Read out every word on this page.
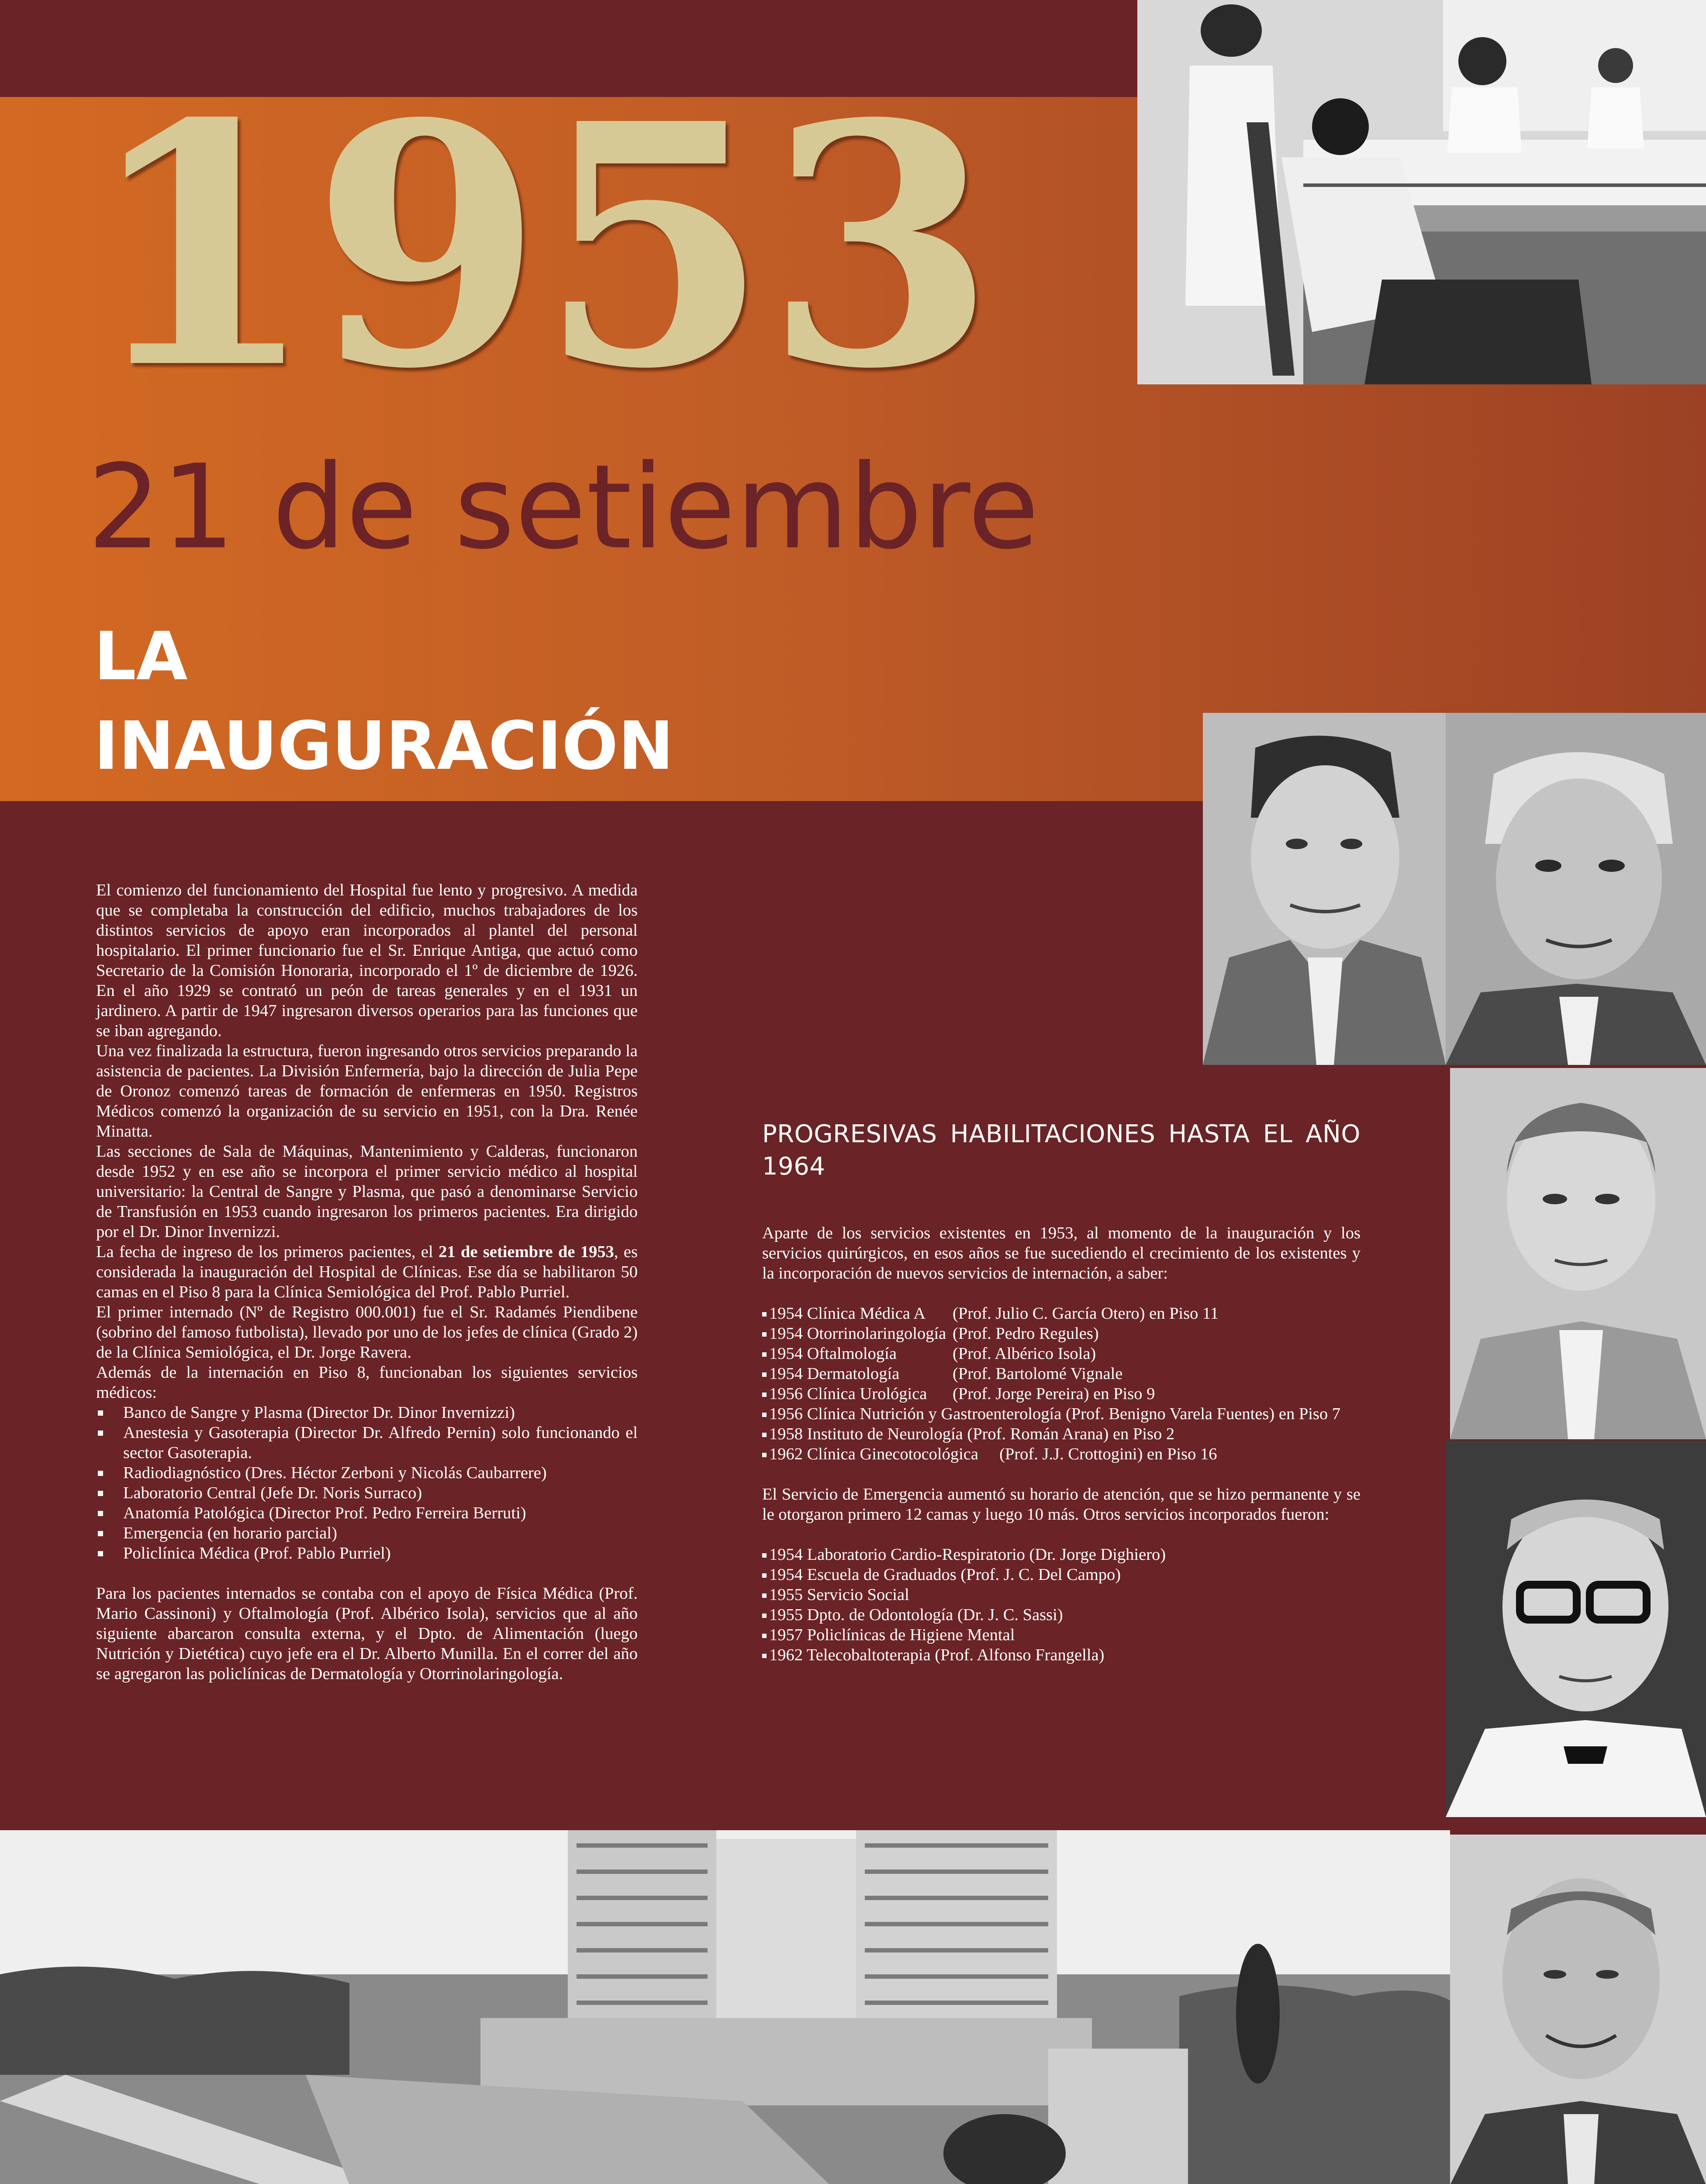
1953
21 de setiembre
LA
INAUGURACIÓN

El comienzo del funcionamiento del Hospital fue lento y progresivo. A medida que se completaba la construcción del edificio, muchos trabajadores de los distintos servicios de apoyo eran incorporados al plantel del personal hospitalario. El primer funcionario fue el Sr. Enrique Antiga, que actuó como Secretario de la Comisión Honoraria, incorporado el 1º de diciembre de 1926. En el año 1929 se contrató un peón de tareas generales y en el 1931 un jardinero. A partir de 1947 ingresaron diversos operarios para las funciones que se iban agregando.

Una vez finalizada la estructura, fueron ingresando otros servicios preparando la asistencia de pacientes. La División Enfermería, bajo la dirección de Julia Pepe de Oronoz comenzó tareas de formación de enfermeras en 1950. Registros Médicos comenzó la organización de su servicio en 1951, con la Dra. Renée Minatta.

Las secciones de Sala de Máquinas, Mantenimiento y Calderas, funcionaron desde 1952 y en ese año se incorpora el primer servicio médico al hospital universitario: la Central de Sangre y Plasma, que pasó a denominarse Servicio de Transfusión en 1953 cuando ingresaron los primeros pacientes. Era dirigido por el Dr. Dinor Invernizzi.

La fecha de ingreso de los primeros pacientes, el 21 de setiembre de 1953, es considerada la inauguración del Hospital de Clínicas. Ese día se habilitaron 50 camas en el Piso 8 para la Clínica Semiológica del Prof. Pablo Purriel.

El primer internado (Nº de Registro 000.001) fue el Sr. Radamés Piendibene (sobrino del famoso futbolista), llevado por uno de los jefes de clínica (Grado 2) de la Clínica Semiológica, el Dr. Jorge Ravera.

Además de la internación en Piso 8, funcionaban los siguientes servicios médicos:

Banco de Sangre y Plasma (Director Dr. Dinor Invernizzi)
Anestesia y Gasoterapia (Director Dr. Alfredo Pernin) solo funcionando el sector Gasoterapia.
Radiodiagnóstico (Dres. Héctor Zerboni y Nicolás Caubarrere)
Laboratorio Central (Jefe Dr. Noris Surraco)
Anatomía Patológica (Director Prof. Pedro Ferreira Berruti)
Emergencia (en horario parcial)
Policlínica Médica (Prof. Pablo Purriel)

Para los pacientes internados se contaba con el apoyo de Física Médica (Prof. Mario Cassinoni) y Oftalmología (Prof. Albérico Isola), servicios que al año siguiente abarcaron consulta externa, y el Dpto. de Alimentación (luego Nutrición y Dietética) cuyo jefe era el Dr. Alberto Munilla. En el correr del año se agregaron las policlínicas de Dermatología y Otorrinolaringología.

PROGRESIVAS HABILITACIONES HASTA EL AÑO 1964

Aparte de los servicios existentes en 1953, al momento de la inauguración y los servicios quirúrgicos, en esos años se fue sucediendo el crecimiento de los existentes y la incorporación de nuevos servicios de internación, a saber:

1954 Clínica Médica A (Prof. Julio C. García Otero) en Piso 11
1954 Otorrinolaringología (Prof. Pedro Regules)
1954 Oftalmología	(Prof. Albérico Isola)
1954 Dermatología	(Prof. Bartolomé Vignale
1956 Clínica Urológica (Prof. Jorge Pereira) en Piso 9
1956 Clínica Nutrición y Gastroenterología (Prof. Benigno Varela Fuentes) en Piso 7
1958 Instituto de Neurología (Prof. Román Arana) en Piso 2
1962 Clínica Ginecotocológica (Prof. J.J. Crottogini) en Piso 16

El Servicio de Emergencia aumentó su horario de atención, que se hizo permanente y se le otorgaron primero 12 camas y luego 10 más. Otros servicios incorporados fueron:

1954 Laboratorio Cardio-Respiratorio (Dr. Jorge Dighiero)
1954 Escuela de Graduados (Prof. J. C. Del Campo)
1955 Servicio Social
1955 Dpto. de Odontología (Dr. J. C. Sassi)
1957 Policlínicas de Higiene Mental
1962 Telecobaltoterapia (Prof. Alfonso Frangella)
